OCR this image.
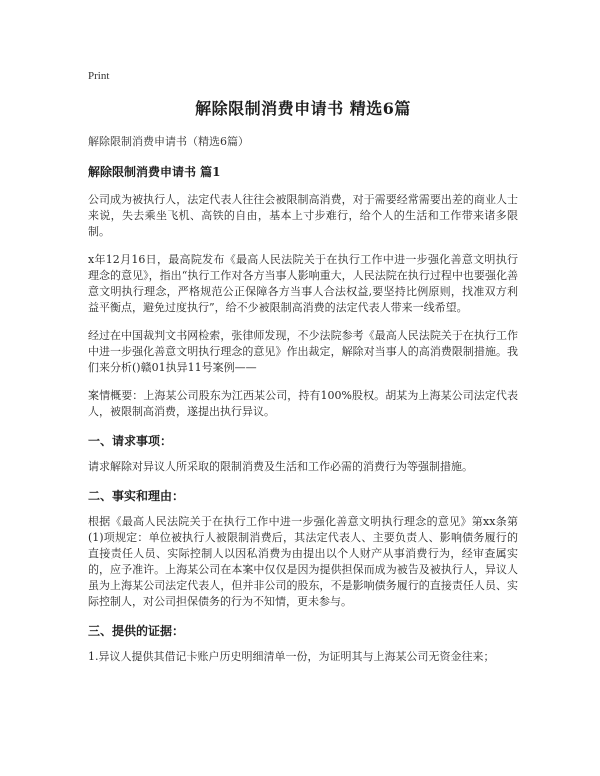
Print
解除限制消费申请书 精选6篇
解除限制消费申请书（精选6篇）
解除限制消费申请书 篇1

公司成为被执行人，法定代表人往往会被限制高消费，对于需要经常需要出差的商业人士来说，失去乘坐飞机、高铁的自由，基本上寸步难行，给个人的生活和工作带来诸多限制。

x年12月16日，最高院发布《最高人民法院关于在执行工作中进一步强化善意文明执行理念的意见》，指出“执行工作对各方当事人影响重大，人民法院在执行过程中也要强化善意文明执行理念，严格规范公正保障各方当事人合法权益,要坚持比例原则，找准双方利益平衡点，避免过度执行”，给不少被限制高消费的法定代表人带来一线希望。

经过在中国裁判文书网检索，张律师发现，不少法院参考《最高人民法院关于在执行工作中进一步强化善意文明执行理念的意见》作出裁定，解除对当事人的高消费限制措施。我们来分析()赣01执异11号案例——

案情概要：上海某公司股东为江西某公司，持有100%股权。胡某为上海某公司法定代表人，被限制高消费，遂提出执行异议。

一、请求事项：

请求解除对异议人所采取的限制消费及生活和工作必需的消费行为等强制措施。

二、事实和理由：

根据《最高人民法院关于在执行工作中进一步强化善意文明执行理念的意见》第xx条第(1)项规定：单位被执行人被限制消费后，其法定代表人、主要负责人、影响债务履行的直接责任人员、实际控制人以因私消费为由提出以个人财产从事消费行为，经审查属实的，应予准许。上海某公司在本案中仅仅是因为提供担保而成为被告及被执行人，异议人虽为上海某公司法定代表人，但并非公司的股东，不是影响债务履行的直接责任人员、实际控制人，对公司担保债务的行为不知情，更未参与。

三、提供的证据：

1.异议人提供其借记卡账户历史明细清单一份，为证明其与上海某公司无资金往来；
